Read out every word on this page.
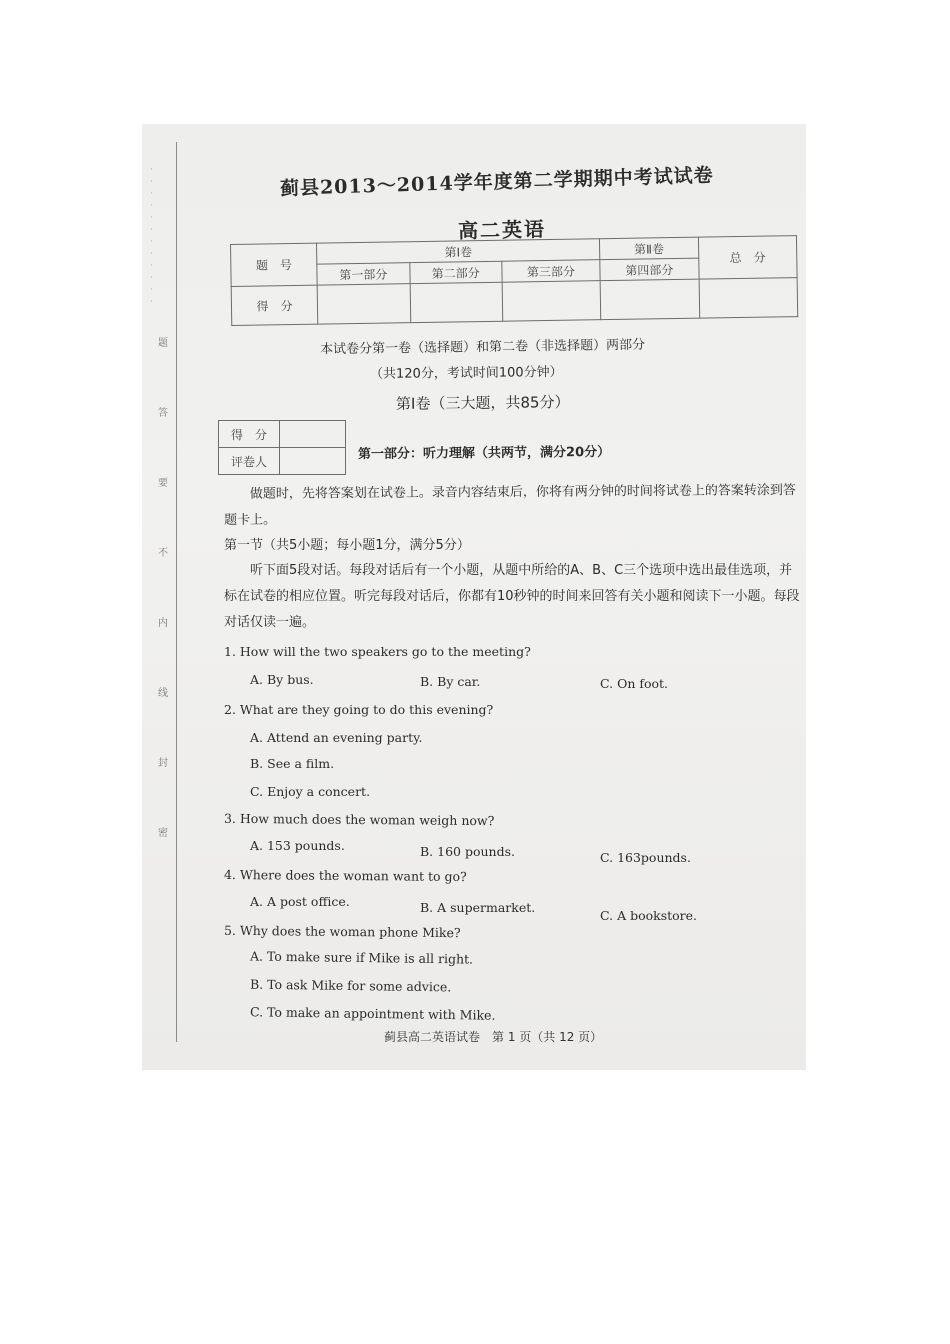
·
·
·
·
·
·
·
·
·
·
·
·
题
答
要
不
内
线
封
密
蓟县2013～2014学年度第二学期期中考试试卷
高二英语
题　号	第Ⅰ卷			第Ⅱ卷	总　分
	第一部分	第二部分	第三部分	第四部分	
得　分					
本试卷分第一卷（选择题）和第二卷（非选择题）两部分
（共120分，考试时间100分钟）
第Ⅰ卷（三大题，共85分）
得　分	
评卷人		第一部分：听力理解（共两节，满分20分）
做题时，先将答案划在试卷上。录音内容结束后，你将有两分钟的时间将试卷上的答案转涂到答题卡上。
第一节（共5小题；每小题1分，满分5分）
听下面5段对话。每段对话后有一个小题，从题中所给的A、B、C三个选项中选出最佳选项，并标在试卷的相应位置。听完每段对话后，你都有10秒钟的时间来回答有关小题和阅读下一小题。每段对话仅读一遍。
1. How will the two speakers go to the meeting?
A. By bus.	B. By car.	C. On foot.
2. What are they going to do this evening?
A. Attend an evening party.
B. See a film.
C. Enjoy a concert.
3. How much does the woman weigh now?
A. 153 pounds.	B. 160 pounds.	C. 163pounds.
4. Where does the woman want to go?
A. A post office.	B. A supermarket.
C. A bookstore.
5. Why does the woman phone Mike?
A. To make sure if Mike is all right.
B. To ask Mike for some advice.
C. To make an appointment with Mike.
蓟县高二英语试卷　第 1 页（共 12 页）
